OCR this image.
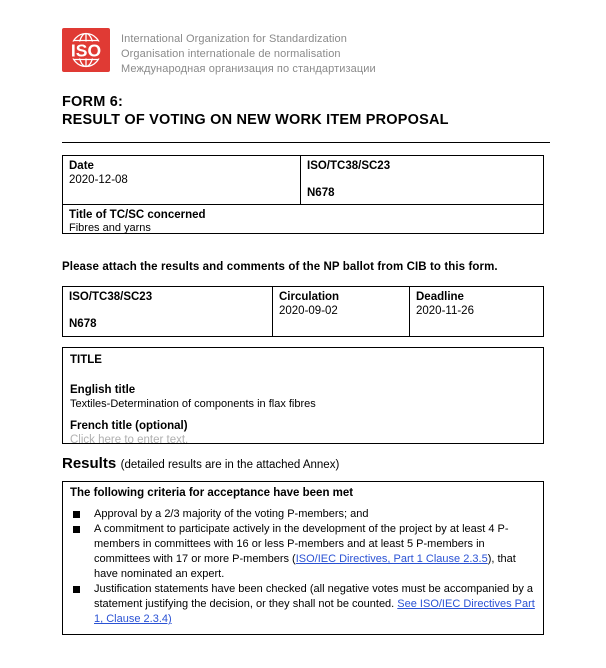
ISO
International Organization for Standardization
Organisation internationale de normalisation
Международная организация по стандартизации
FORM 6:
RESULT OF VOTING ON NEW WORK ITEM PROPOSAL
Date
2020-12-08
ISO/TC38/SC23
N678
Title of TC/SC concerned
Fibres and yarns
Please attach the results and comments of the NP ballot from CIB to this form.
ISO/TC38/SC23
N678
Circulation
2020-09-02
Deadline
2020-11-26
TITLE
English title
Textiles-Determination of components in flax fibres
French title (optional)
Click here to enter text.
Results (detailed results are in the attached Annex)
The following criteria for acceptance have been met
Approval by a 2/3 majority of the voting P-members; and
A commitment to participate actively in the development of the project by at least 4 P-members in committees with 16 or less P-members and at least 5 P-members in committees with 17 or more P-members (ISO/IEC Directives, Part 1 Clause 2.3.5), that have nominated an expert.
Justification statements have been checked (all negative votes must be accompanied by a statement justifying the decision, or they shall not be counted. See ISO/IEC Directives Part 1, Clause 2.3.4)
